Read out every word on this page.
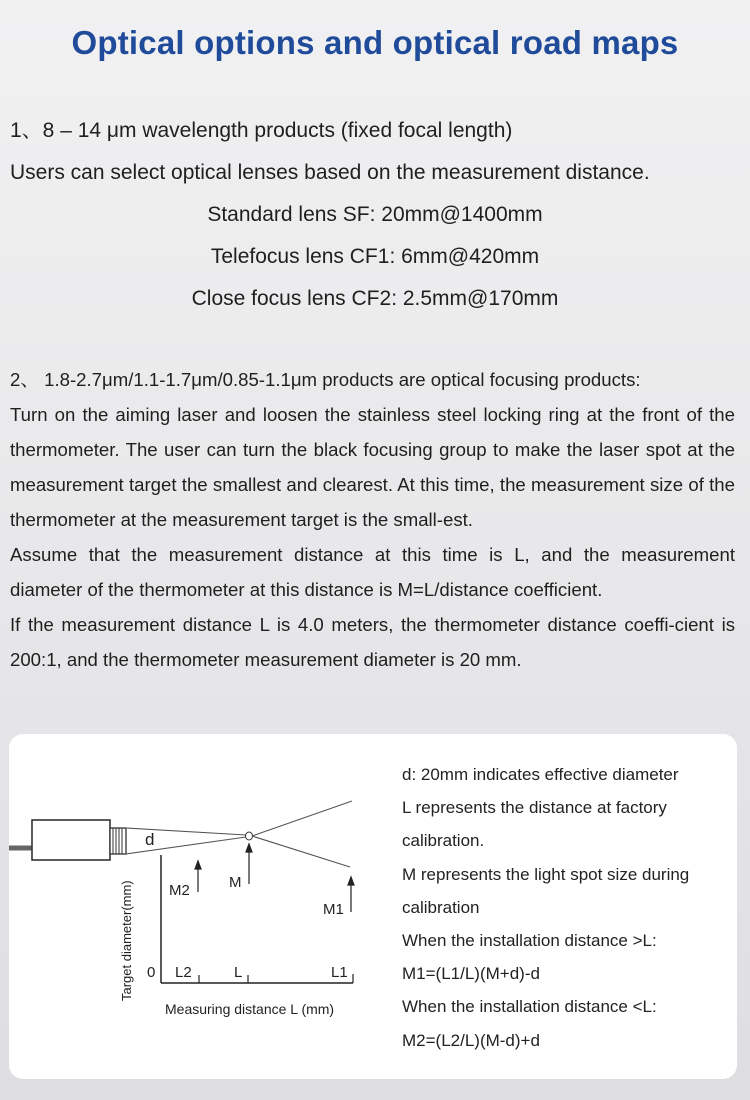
Optical options and optical road maps
1、8 – 14 μm wavelength products (fixed focal length)
Users can select optical lenses based on the measurement distance.
Standard lens SF: 20mm@1400mm
Telefocus lens CF1: 6mm@420mm
Close focus lens CF2: 2.5mm@170mm
2、 1.8-2.7μm/1.1-1.7μm/0.85-1.1μm products are optical focusing products:
Turn on the aiming laser and loosen the stainless steel locking ring at the front of the thermometer. The user can turn the black focusing group to make the laser spot at the measurement target the smallest and clearest. At this time, the measurement size of the thermometer at the measurement target is the small-est.
Assume that the measurement distance at this time is L, and the measurement diameter of the thermometer at this distance is M=L/distance coefficient.
If the measurement distance L is 4.0 meters, the thermometer distance coeffi-cient is 200:1, and the thermometer measurement diameter is 20 mm.
d
M2	M
M1
0 L2	L	L1
Target diameter(mm)
Measuring distance L (mm)
d: 20mm indicates effective diameter
L represents the distance at factory
calibration.
M represents the light spot size during
calibration
When the installation distance >L:
M1=(L1/L)(M+d)-d
When the installation distance <L:
M2=(L2/L)(M-d)+d
